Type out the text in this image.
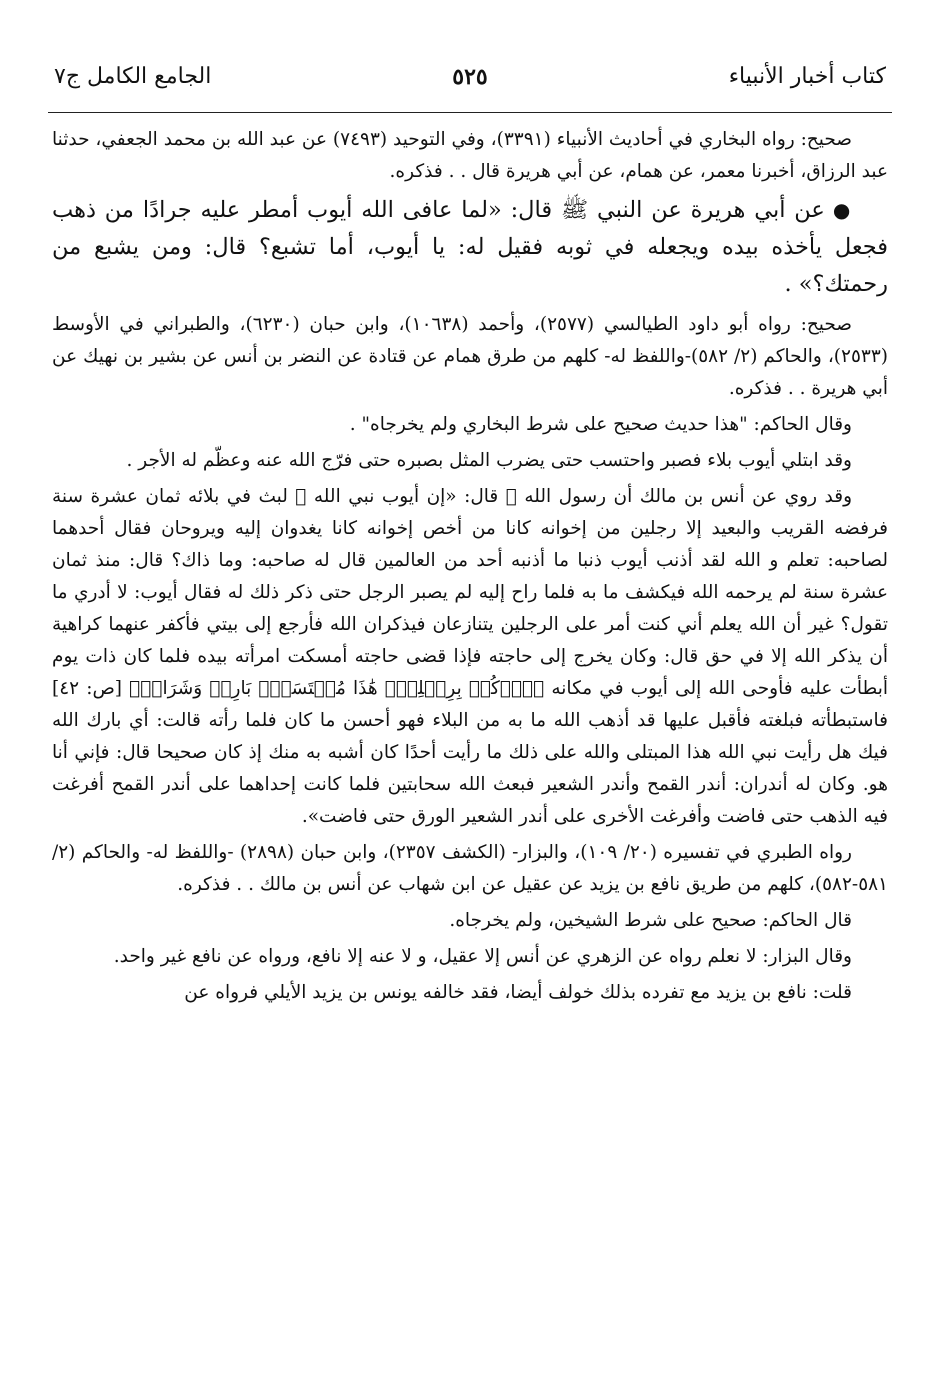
كتاب أخبار الأنبياء
٥٢٥
الجامع الكامل ج٧

صحيح: رواه البخاري في أحاديث الأنبياء (٣٣٩١)، وفي التوحيد (٧٤٩٣) عن عبد الله بن محمد الجعفي، حدثنا عبد الرزاق، أخبرنا معمر، عن همام، عن أبي هريرة قال . . فذكره.

●عن أبي هريرة عن النبي ﷺ قال: «لما عافى الله أيوب أمطر عليه جرادًا من ذهب فجعل يأخذه بيده ويجعله في ثوبه فقيل له: يا أيوب، أما تشبع؟ قال: ومن يشبع من رحمتك؟» .

صحيح: رواه أبو داود الطيالسي (٢٥٧٧)، وأحمد (١٠٦٣٨)، وابن حبان (٦٢٣٠)، والطبراني في الأوسط (٢٥٣٣)، والحاكم (٢/ ٥٨٢)-واللفظ له- كلهم من طرق همام عن قتادة عن النضر بن أنس عن بشير بن نهيك عن أبي هريرة . . فذكره.

وقال الحاكم: "هذا حديث صحيح على شرط البخاري ولم يخرجاه" .

وقد ابتلي أيوب بلاء فصبر واحتسب حتى يضرب المثل بصبره حتى فرّج الله عنه وعظّم له الأجر .

وقد روي عن أنس بن مالك أن رسول الله ﷺ قال: «إن أيوب نبي الله ﷺ لبث في بلائه ثمان عشرة سنة فرفضه القريب والبعيد إلا رجلين من إخوانه كانا من أخص إخوانه كانا يغدوان إليه ويروحان فقال أحدهما لصاحبه: تعلم و الله لقد أذنب أيوب ذنبا ما أذنبه أحد من العالمين قال له صاحبه: وما ذاك؟ قال: منذ ثمان عشرة سنة لم يرحمه الله فيكشف ما به فلما راح إليه لم يصبر الرجل حتى ذكر ذلك له فقال أيوب: لا أدري ما تقول؟ غير أن الله يعلم أني كنت أمر على الرجلين يتنازعان فيذكران الله فأرجع إلى بيتي فأكفر عنهما كراهية أن يذكر الله إلا في حق قال: وكان يخرج إلى حاجته فإذا قضى حاجته أمسكت امرأته بيده فلما كان ذات يوم أبطأت عليه فأوحى الله إلى أيوب في مكانه ﴿ٱرۡكُضۡ بِرِجۡلِكَۖ هَٰذَا مُغۡتَسَلُۢ بَارِدٞ وَشَرَابٞ﴾ [ص: ٤٢] فاستبطأته فبلغته فأقبل عليها قد أذهب الله ما به من البلاء فهو أحسن ما كان فلما رأته قالت: أي بارك الله فيك هل رأيت نبي الله هذا المبتلى والله على ذلك ما رأيت أحدًا كان أشبه به منك إذ كان صحيحا قال: فإني أنا هو. وكان له أندران: أندر القمح وأندر الشعير فبعث الله سحابتين فلما كانت إحداهما على أندر القمح أفرغت فيه الذهب حتى فاضت وأفرغت الأخرى على أندر الشعير الورق حتى فاضت».

رواه الطبري في تفسيره (٢٠/ ١٠٩)، والبزار- (الكشف ٢٣٥٧)، وابن حبان (٢٨٩٨) -واللفظ له- والحاكم (٢/ ٥٨١-٥٨٢)، كلهم من طريق نافع بن يزيد عن عقيل عن ابن شهاب عن أنس بن مالك . . فذكره.

قال الحاكم: صحيح على شرط الشيخين، ولم يخرجاه.

وقال البزار: لا نعلم رواه عن الزهري عن أنس إلا عقيل، و لا عنه إلا نافع، ورواه عن نافع غير واحد.

قلت: نافع بن يزيد مع تفرده بذلك خولف أيضا، فقد خالفه يونس بن يزيد الأيلي فرواه عن
